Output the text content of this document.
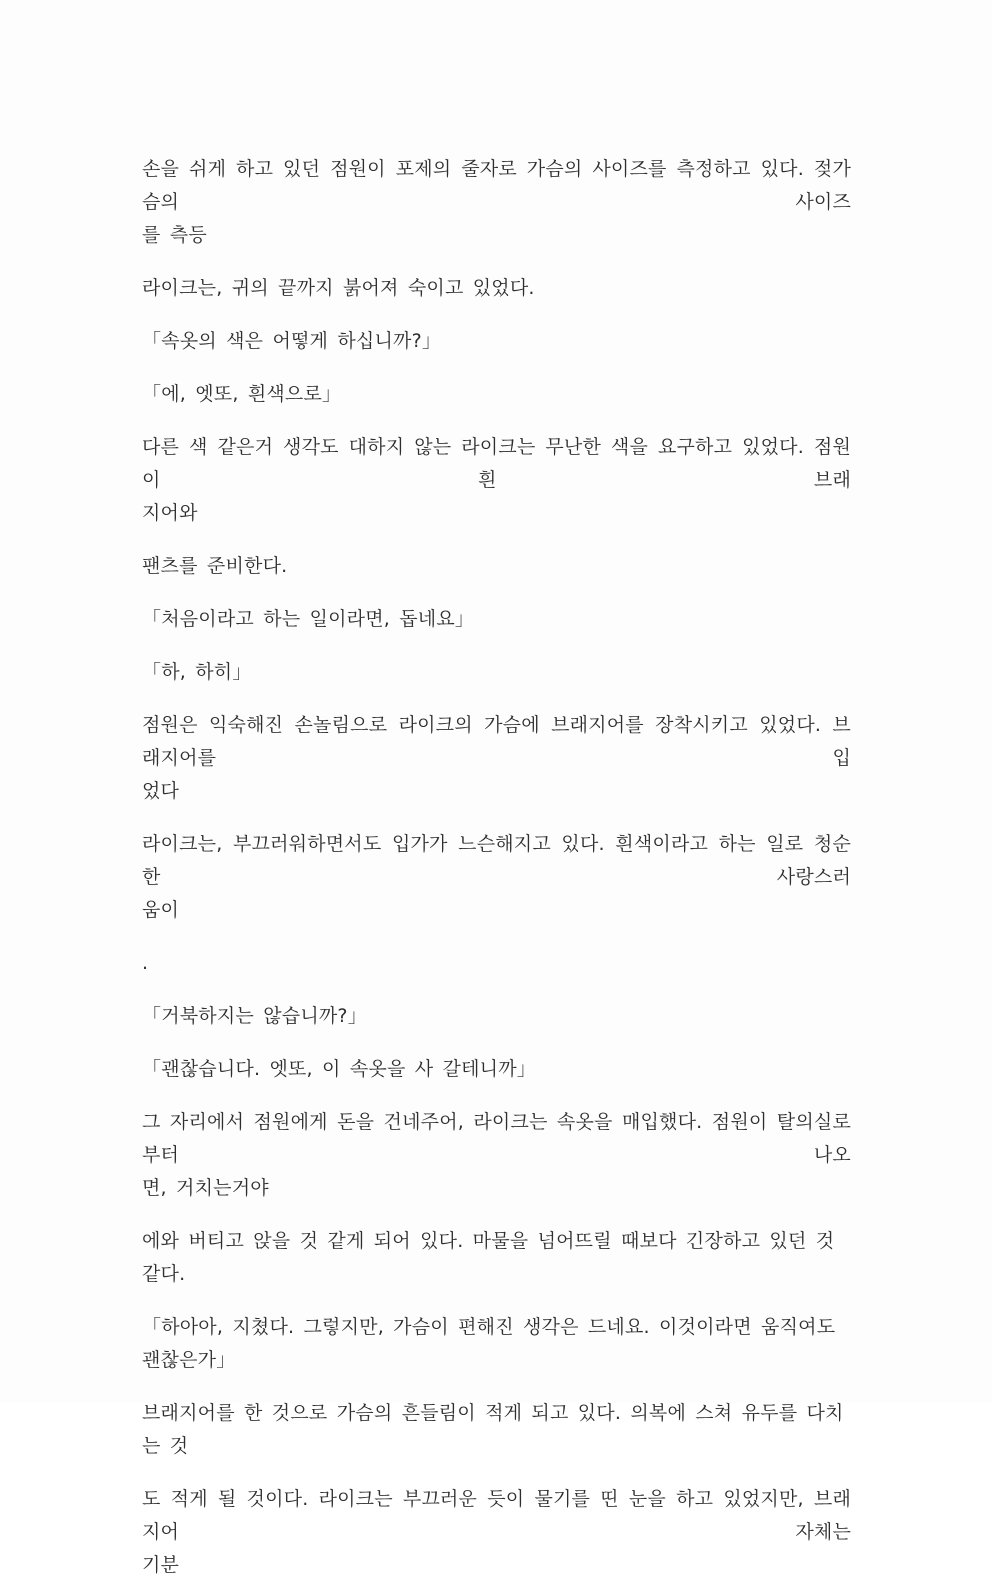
손을 쉬게 하고 있던 점원이 포제의 줄자로 가슴의 사이즈를 측정하고 있다. 젖가슴의 사이즈
를 측등

라이크는, 귀의 끝까지 붉어져 숙이고 있었다.

「속옷의 색은 어떻게 하십니까?」

「에, 엣또, 흰색으로」

다른 색 같은거 생각도 대하지 않는 라이크는 무난한 색을 요구하고 있었다. 점원이 흰 브래
지어와

팬츠를 준비한다.

「처음이라고 하는 일이라면, 돕네요」

「하, 하히」

점원은 익숙해진 손놀림으로 라이크의 가슴에 브래지어를 장착시키고 있었다. 브래지어를 입
었다

라이크는, 부끄러워하면서도 입가가 느슨해지고 있다. 흰색이라고 하는 일로 청순한 사랑스러
움이

.

「거북하지는 않습니까?」

「괜찮습니다. 엣또, 이 속옷을 사 갈테니까」

그 자리에서 점원에게 돈을 건네주어, 라이크는 속옷을 매입했다. 점원이 탈의실로부터 나오
면, 거치는거야

에와 버티고 앉을 것 같게 되어 있다. 마물을 넘어뜨릴 때보다 긴장하고 있던 것 같다.

「하아아, 지쳤다. 그렇지만, 가슴이 편해진 생각은 드네요. 이것이라면 움직여도 괜찮은가」

브래지어를 한 것으로 가슴의 흔들림이 적게 되고 있다. 의복에 스쳐 유두를 다치는 것

도 적게 될 것이다. 라이크는 부끄러운 듯이 물기를 띤 눈을 하고 있었지만, 브래지어 자체는
기분
